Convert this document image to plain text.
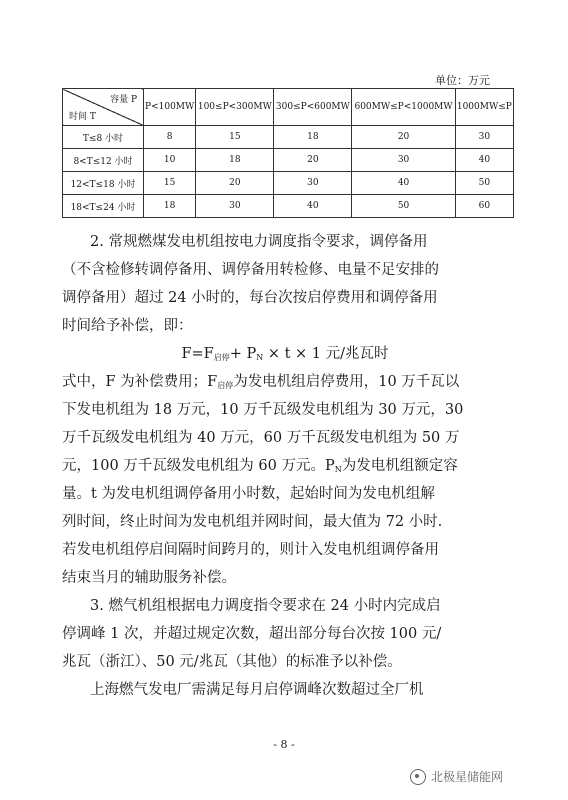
单位：万元
容量 P
时间 T	P<100MW	100≤P<300MW	300≤P<600MW	600MW≤P<1000MW	1000MW≤P
T≤8 小时	8	15	18	20	30
8<T≤12 小时	10	18	20	30	40
12<T≤18 小时	15	20	30	40	50
18<T≤24 小时	18	30	40	50	60
2. 常规燃煤发电机组按电力调度指令要求，调停备用
（不含检修转调停备用、调停备用转检修、电量不足安排的
调停备用）超过 24 小时的，每台次按启停费用和调停备用
时间给予补偿，即：
$F=F_{启停}+ P_N \times t \times 1$ 元/兆瓦时
式中，F 为补偿费用；$F_{启停}$为发电机组启停费用，10 万千瓦以
下发电机组为 18 万元，10 万千瓦级发电机组为 30 万元，30
万千瓦级发电机组为 40 万元，60 万千瓦级发电机组为 50 万
元，100 万千瓦级发电机组为 60 万元。$P_N$为发电机组额定容
量。t 为发电机组调停备用小时数，起始时间为发电机组解
列时间，终止时间为发电机组并网时间，最大值为 72 小时.
若发电机组停启间隔时间跨月的，则计入发电机组调停备用
结束当月的辅助服务补偿。
3. 燃气机组根据电力调度指令要求在 24 小时内完成启
停调峰 1 次，并超过规定次数，超出部分每台次按 100 元/
兆瓦（浙江）、50 元/兆瓦（其他）的标准予以补偿。
上海燃气发电厂需满足每月启停调峰次数超过全厂机
- 8 -
北极星储能网
